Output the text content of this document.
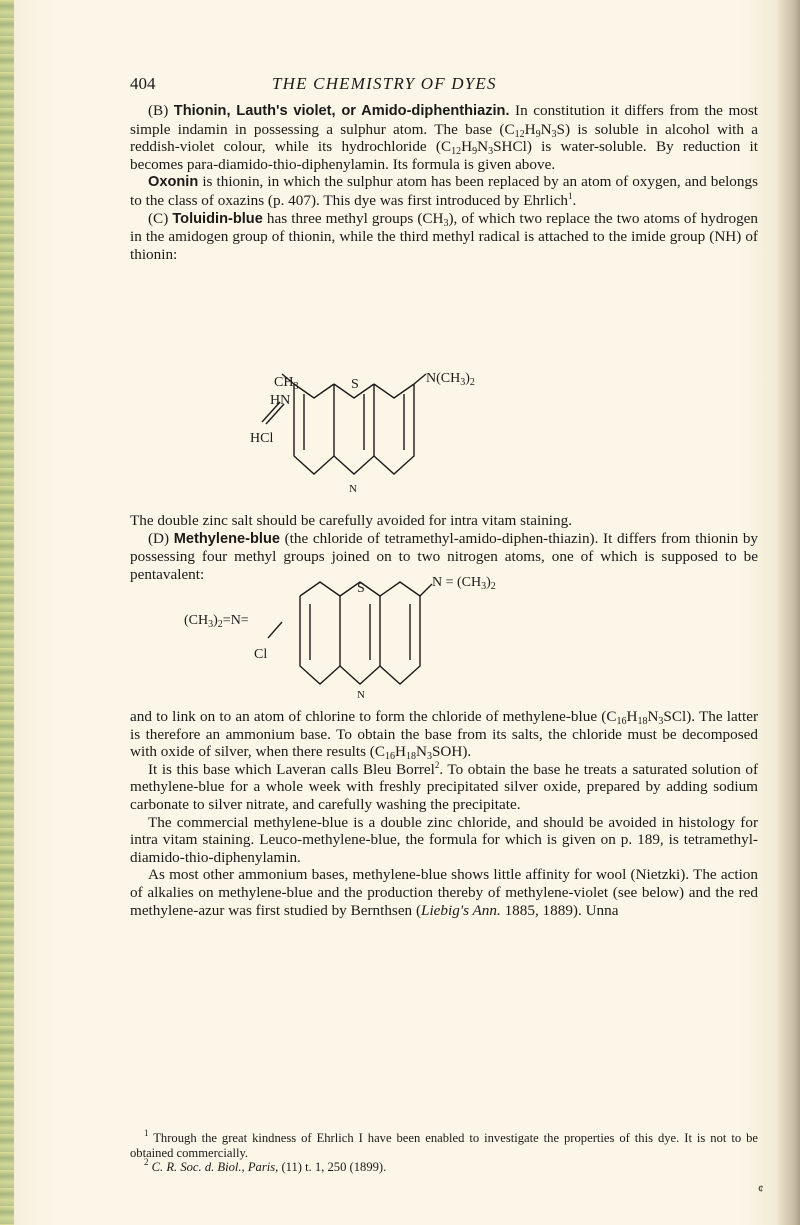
404	THE CHEMISTRY OF DYES

(B) Thionin, Lauth's violet, or Amido-diphenthiazin. In constitution it differs from the most simple indamin in possessing a sulphur atom. The base $(C_{12}H_9N_3S)$ is soluble in alcohol with a reddish-violet colour, while its hydrochloride $(C_{12}H_9N_3SHCl)$ is water-soluble. By reduction it becomes para-diamido-thio-diphenylamin. Its formula is given above.

Oxonin is thionin, in which the sulphur atom has been replaced by an atom of oxygen, and belongs to the class of oxazins (p. 407). This dye was first introduced by Ehrlich$^1$.

(C) Toluidin-blue has three methyl groups $(CH_3)$, of which two replace the two atoms of hydrogen in the amidogen group of thionin, while the third methyl radical is attached to the imide group (NH) of thionin:

$CH_3$
HN
HCl
S
N
$N(CH_3)_2$

The double zinc salt should be carefully avoided for intra vitam staining.

(D) Methylene-blue (the chloride of tetramethyl-amido-diphen-thiazin). It differs from thionin by possessing four methyl groups joined on to two nitrogen atoms, one of which is supposed to be pentavalent:

$(CH_3)_2=N=$
Cl
S
N
$N = (CH_3)_2$

and to link on to an atom of chlorine to form the chloride of methylene-blue $(C_{16}H_{18}N_3SCl)$. The latter is therefore an ammonium base. To obtain the base from its salts, the chloride must be decomposed with oxide of silver, when there results $(C_{16}H_{18}N_3SOH)$.

It is this base which Laveran calls Bleu Borrel$^2$. To obtain the base he treats a saturated solution of methylene-blue for a whole week with freshly precipitated silver oxide, prepared by adding sodium carbonate to silver nitrate, and carefully washing the precipitate.

The commercial methylene-blue is a double zinc chloride, and should be avoided in histology for intra vitam staining. Leuco-methylene-blue, the formula for which is given on p. 189, is tetramethyl-diamido-thio-diphenylamin.

As most other ammonium bases, methylene-blue shows little affinity for wool (Nietzki). The action of alkalies on methylene-blue and the production thereby of methylene-violet (see below) and the red methylene-azur was first studied by Bernthsen (Liebig's Ann. 1885, 1889). Unna

$^1$ Through the great kindness of Ehrlich I have been enabled to investigate the properties of this dye. It is not to be obtained commercially.

$^2$ C. R. Soc. d. Biol., Paris, (11) t. 1, 250 (1899).

¢
